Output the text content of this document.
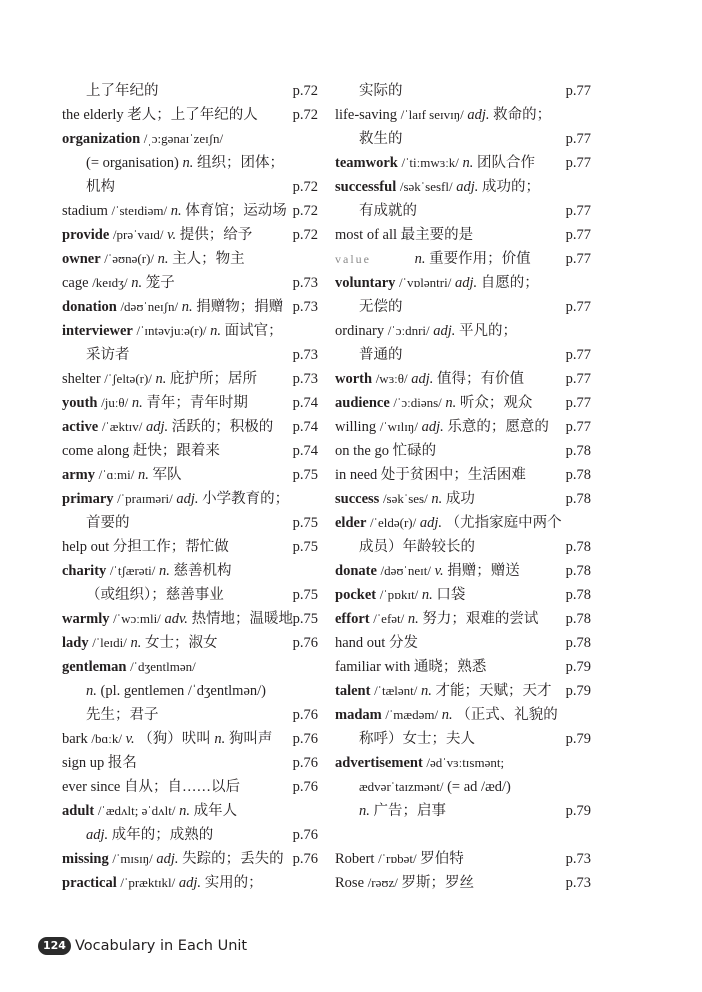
上了年纪的	p.72
the elderly 老人；上了年纪的人 p.72
organization /ˌɔ:gənaɪˈzeɪʃn/
(= organisation) n. 组织；团体；
机构	p.72
stadium /ˈsteɪdiəm/ n. 体育馆；运动场 p.72
provide /prəˈvaɪd/ v. 提供；给予	p.72
owner /ˈəʊnə(r)/ n. 主人；物主
cage /keɪdʒ/ n. 笼子	p.73
donation /dəʊˈneɪʃn/ n. 捐赠物；捐赠 p.73
interviewer /ˈɪntəvjuːə(r)/ n. 面试官；
采访者	p.73
shelter /ˈʃeltə(r)/ n. 庇护所；居所 p.73
youth /juːθ/ n. 青年；青年时期	p.74
active /ˈæktɪv/ adj. 活跃的；积极的 p.74
come along 赶快；跟着来	p.74
army /ˈɑːmi/ n. 军队	p.75
primary /ˈpraɪməri/ adj. 小学教育的；
首要的	p.75
help out 分担工作；帮忙做	p.75
charity /ˈtʃærəti/ n. 慈善机构
（或组织）；慈善事业	p.75
warmly /ˈwɔːmli/ adv. 热情地；温暖地 p.75
lady /ˈleɪdi/ n. 女士；淑女	p.76
gentleman /ˈdʒentlmən/
n. (pl. gentlemen /ˈdʒentlmən/)
先生；君子	p.76
bark /bɑːk/ v. （狗）吠叫 n. 狗叫声 p.76
sign up 报名	p.76
ever since 自从；自……以后	p.76
adult /ˈædʌlt; əˈdʌlt/ n. 成年人
adj. 成年的；成熟的	p.76
missing /ˈmɪsɪŋ/ adj. 失踪的；丢失的 p.76
practical /ˈpræktɪkl/ adj. 实用的；
实际的	p.77
life-saving /ˈlaɪf seɪvɪŋ/ adj. 救命的；
救生的	p.77
teamwork /ˈtiːmwɜːk/ n. 团队合作 p.77
successful /səkˈsesfl/ adj. 成功的；
有成就的	p.77
most of all 最主要的是	p.77
value	n. 重要作用；价值 p.77
voluntary /ˈvɒləntri/ adj. 自愿的；
无偿的	p.77
ordinary /ˈɔːdnri/ adj. 平凡的；
普通的	p.77
worth /wɜːθ/ adj. 值得；有价值	p.77
audience /ˈɔːdiəns/ n. 听众；观众 p.77
willing /ˈwɪlɪŋ/ adj. 乐意的；愿意的 p.77
on the go 忙碌的	p.78
in need 处于贫困中；生活困难	p.78
success /səkˈses/ n. 成功	p.78
elder /ˈeldə(r)/ adj. （尤指家庭中两个
成员）年龄较长的	p.78
donate /dəʊˈneɪt/ v. 捐赠；赠送	p.78
pocket /ˈpɒkɪt/ n. 口袋	p.78
effort /ˈefət/ n. 努力；艰难的尝试 p.78
hand out 分发	p.78
familiar with 通晓；熟悉	p.79
talent /ˈtælənt/ n. 才能；天赋；天才 p.79
madam /ˈmædəm/ n. （正式、礼貌的
称呼）女士；夫人	p.79
advertisement /ədˈvɜːtɪsmənt;
ædvərˈtaɪzmənt/ (= ad /æd/)
n. 广告；启事	p.79
Robert /ˈrɒbət/ 罗伯特	p.73
Rose /rəʊz/ 罗斯；罗丝	p.73
124 Vocabulary in Each Unit
